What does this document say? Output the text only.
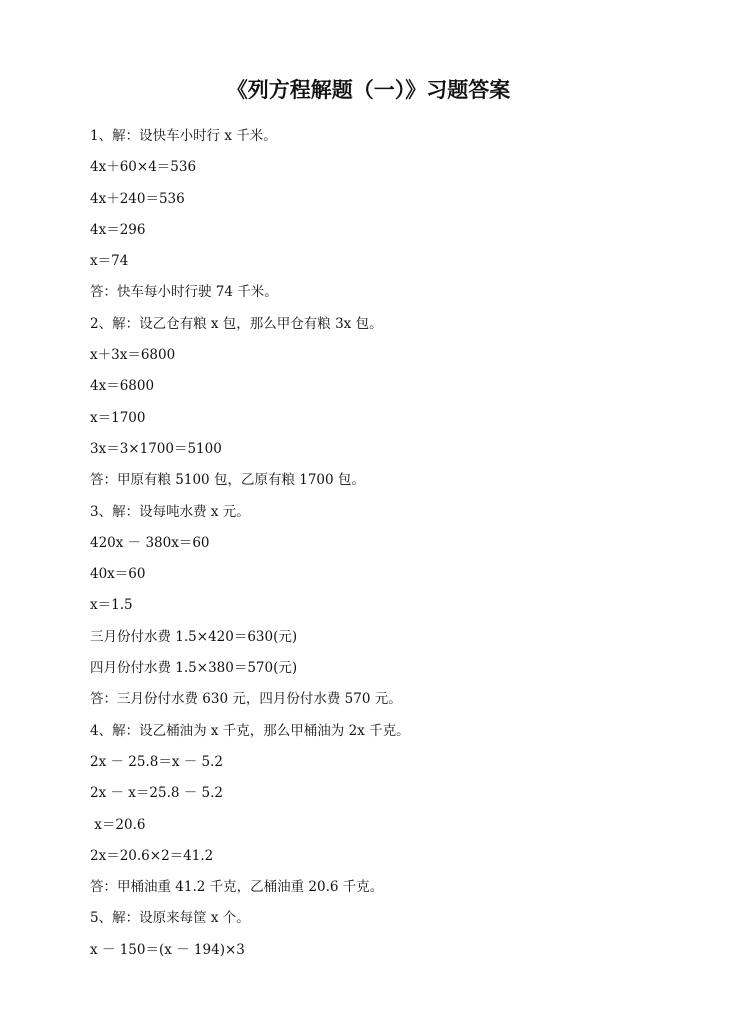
《列方程解题（一）》习题答案
1、解：设快车小时行 x 千米。
4x＋60×4＝536
4x＋240＝536
4x＝296
x＝74
答：快车每小时行驶 74 千米。
2、解：设乙仓有粮 x 包，那么甲仓有粮 3x 包。
x＋3x＝6800
4x＝6800
x＝1700
3x＝3×1700＝5100
答：甲原有粮 5100 包，乙原有粮 1700 包。
3、解：设每吨水费 x 元。
420x － 380x＝60
40x＝60
x＝1.5
三月份付水费 1.5×420＝630(元)
四月份付水费 1.5×380＝570(元)
答：三月份付水费 630 元，四月份付水费 570 元。
4、解：设乙桶油为 x 千克，那么甲桶油为 2x 千克。
2x － 25.8＝x － 5.2
2x － x＝25.8 － 5.2
x＝20.6
2x＝20.6×2＝41.2
答：甲桶油重 41.2 千克，乙桶油重 20.6 千克。
5、解：设原来每筐 x 个。
x － 150＝(x － 194)×3
